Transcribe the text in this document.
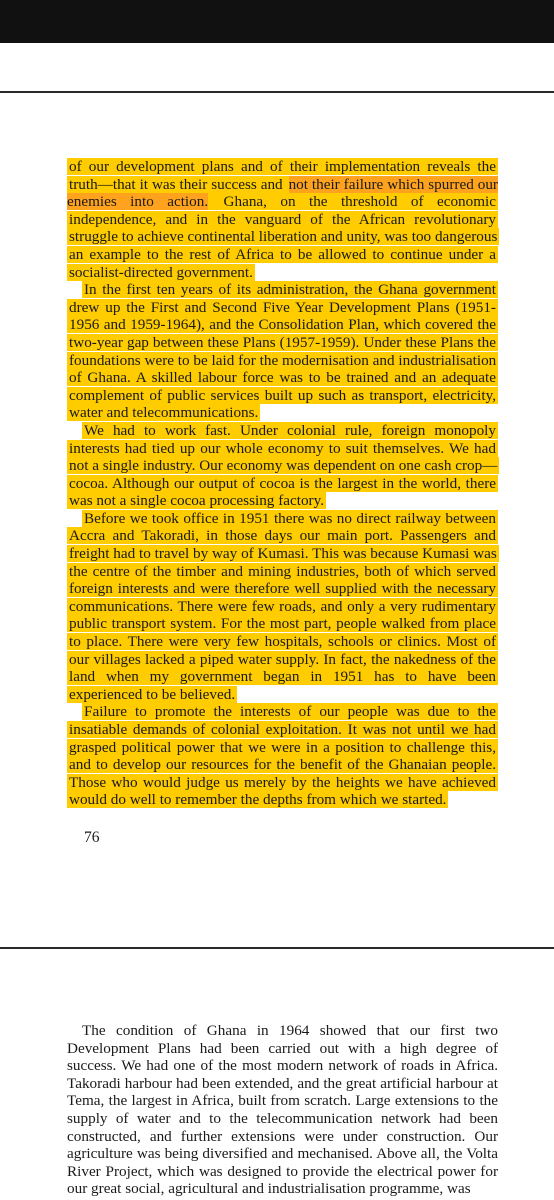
of our development plans and of their implementation reveals the truth—that it was their success and not their failure which spurred our enemies into action. Ghana, on the threshold of economic independence, and in the vanguard of the African revolutionary struggle to achieve continental liberation and unity, was too dangerous an example to the rest of Africa to be allowed to continue under a socialist-directed government.

In the first ten years of its administration, the Ghana government drew up the First and Second Five Year Development Plans (1951-1956 and 1959-1964), and the Consolidation Plan, which covered the two-year gap between these Plans (1957-1959). Under these Plans the foundations were to be laid for the modernisation and industrialisation of Ghana. A skilled labour force was to be trained and an adequate complement of public services built up such as transport, electricity, water and telecommunications.

We had to work fast. Under colonial rule, foreign monopoly interests had tied up our whole economy to suit themselves. We had not a single industry. Our economy was dependent on one cash crop—cocoa. Although our output of cocoa is the largest in the world, there was not a single cocoa processing factory.

Before we took office in 1951 there was no direct railway between Accra and Takoradi, in those days our main port. Passengers and freight had to travel by way of Kumasi. This was because Kumasi was the centre of the timber and mining industries, both of which served foreign interests and were therefore well supplied with the necessary communications. There were few roads, and only a very rudimentary public transport system. For the most part, people walked from place to place. There were very few hospitals, schools or clinics. Most of our villages lacked a piped water supply. In fact, the nakedness of the land when my government began in 1951 has to have been experienced to be believed.

Failure to promote the interests of our people was due to the insatiable demands of colonial exploitation. It was not until we had grasped political power that we were in a position to challenge this, and to develop our resources for the benefit of the Ghanaian people. Those who would judge us merely by the heights we have achieved would do well to remember the depths from which we started.

76

The condition of Ghana in 1964 showed that our first two Development Plans had been carried out with a high degree of success. We had one of the most modern network of roads in Africa. Takoradi harbour had been extended, and the great artificial harbour at Tema, the largest in Africa, built from scratch. Large extensions to the supply of water and to the telecommunication network had been constructed, and further extensions were under construction. Our agriculture was being diversified and mechanised. Above all, the Volta River Project, which was designed to provide the electrical power for our great social, agricultural and industrialisation programme, was
